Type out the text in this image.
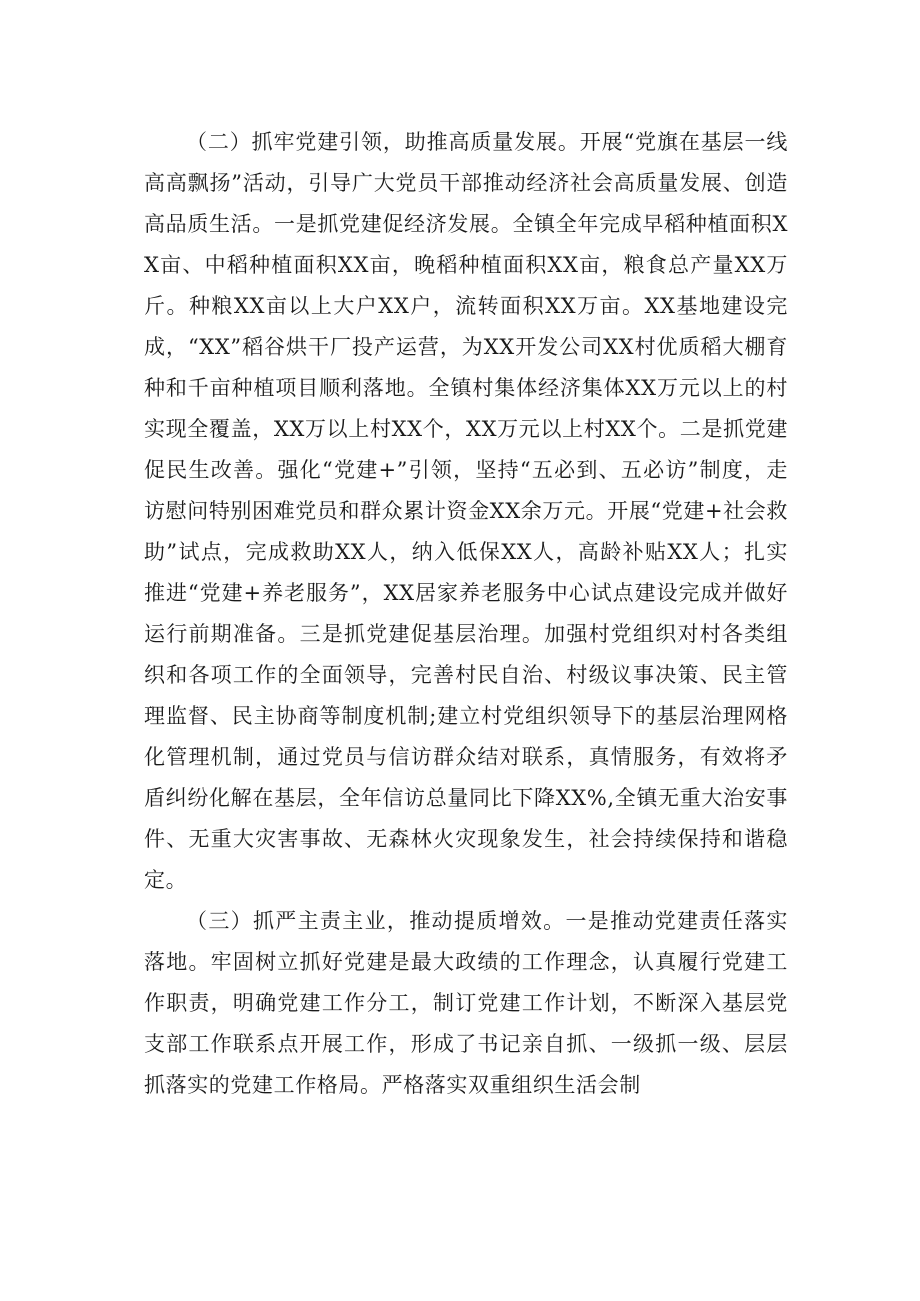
（二）抓牢党建引领，助推高质量发展。开展“党旗在基层一线高高飘扬”活动，引导广大党员干部推动经济社会高质量发展、创造高品质生活。一是抓党建促经济发展。全镇全年完成早稻种植面积XX亩、中稻种植面积XX亩，晚稻种植面积XX亩，粮食总产量XX万斤。种粮XX亩以上大户XX户，流转面积XX万亩。XX基地建设完成，“XX”稻谷烘干厂投产运营，为XX开发公司XX村优质稻大棚育种和千亩种植项目顺利落地。全镇村集体经济集体XX万元以上的村实现全覆盖，XX万以上村XX个，XX万元以上村XX个。二是抓党建促民生改善。强化“党建+”引领，坚持“五必到、五必访”制度，走访慰问特别困难党员和群众累计资金XX余万元。开展“党建+社会救助”试点，完成救助XX人，纳入低保XX人，高龄补贴XX人；扎实推进“党建+养老服务”，XX居家养老服务中心试点建设完成并做好运行前期准备。三是抓党建促基层治理。加强村党组织对村各类组织和各项工作的全面领导，完善村民自治、村级议事决策、民主管理监督、民主协商等制度机制;建立村党组织领导下的基层治理网格化管理机制，通过党员与信访群众结对联系，真情服务，有效将矛盾纠纷化解在基层，全年信访总量同比下降XX%,全镇无重大治安事件、无重大灾害事故、无森林火灾现象发生，社会持续保持和谐稳定。

（三）抓严主责主业，推动提质增效。一是推动党建责任落实落地。牢固树立抓好党建是最大政绩的工作理念，认真履行党建工作职责，明确党建工作分工，制订党建工作计划，不断深入基层党支部工作联系点开展工作，形成了书记亲自抓、一级抓一级、层层抓落实的党建工作格局。严格落实双重组织生活会制
